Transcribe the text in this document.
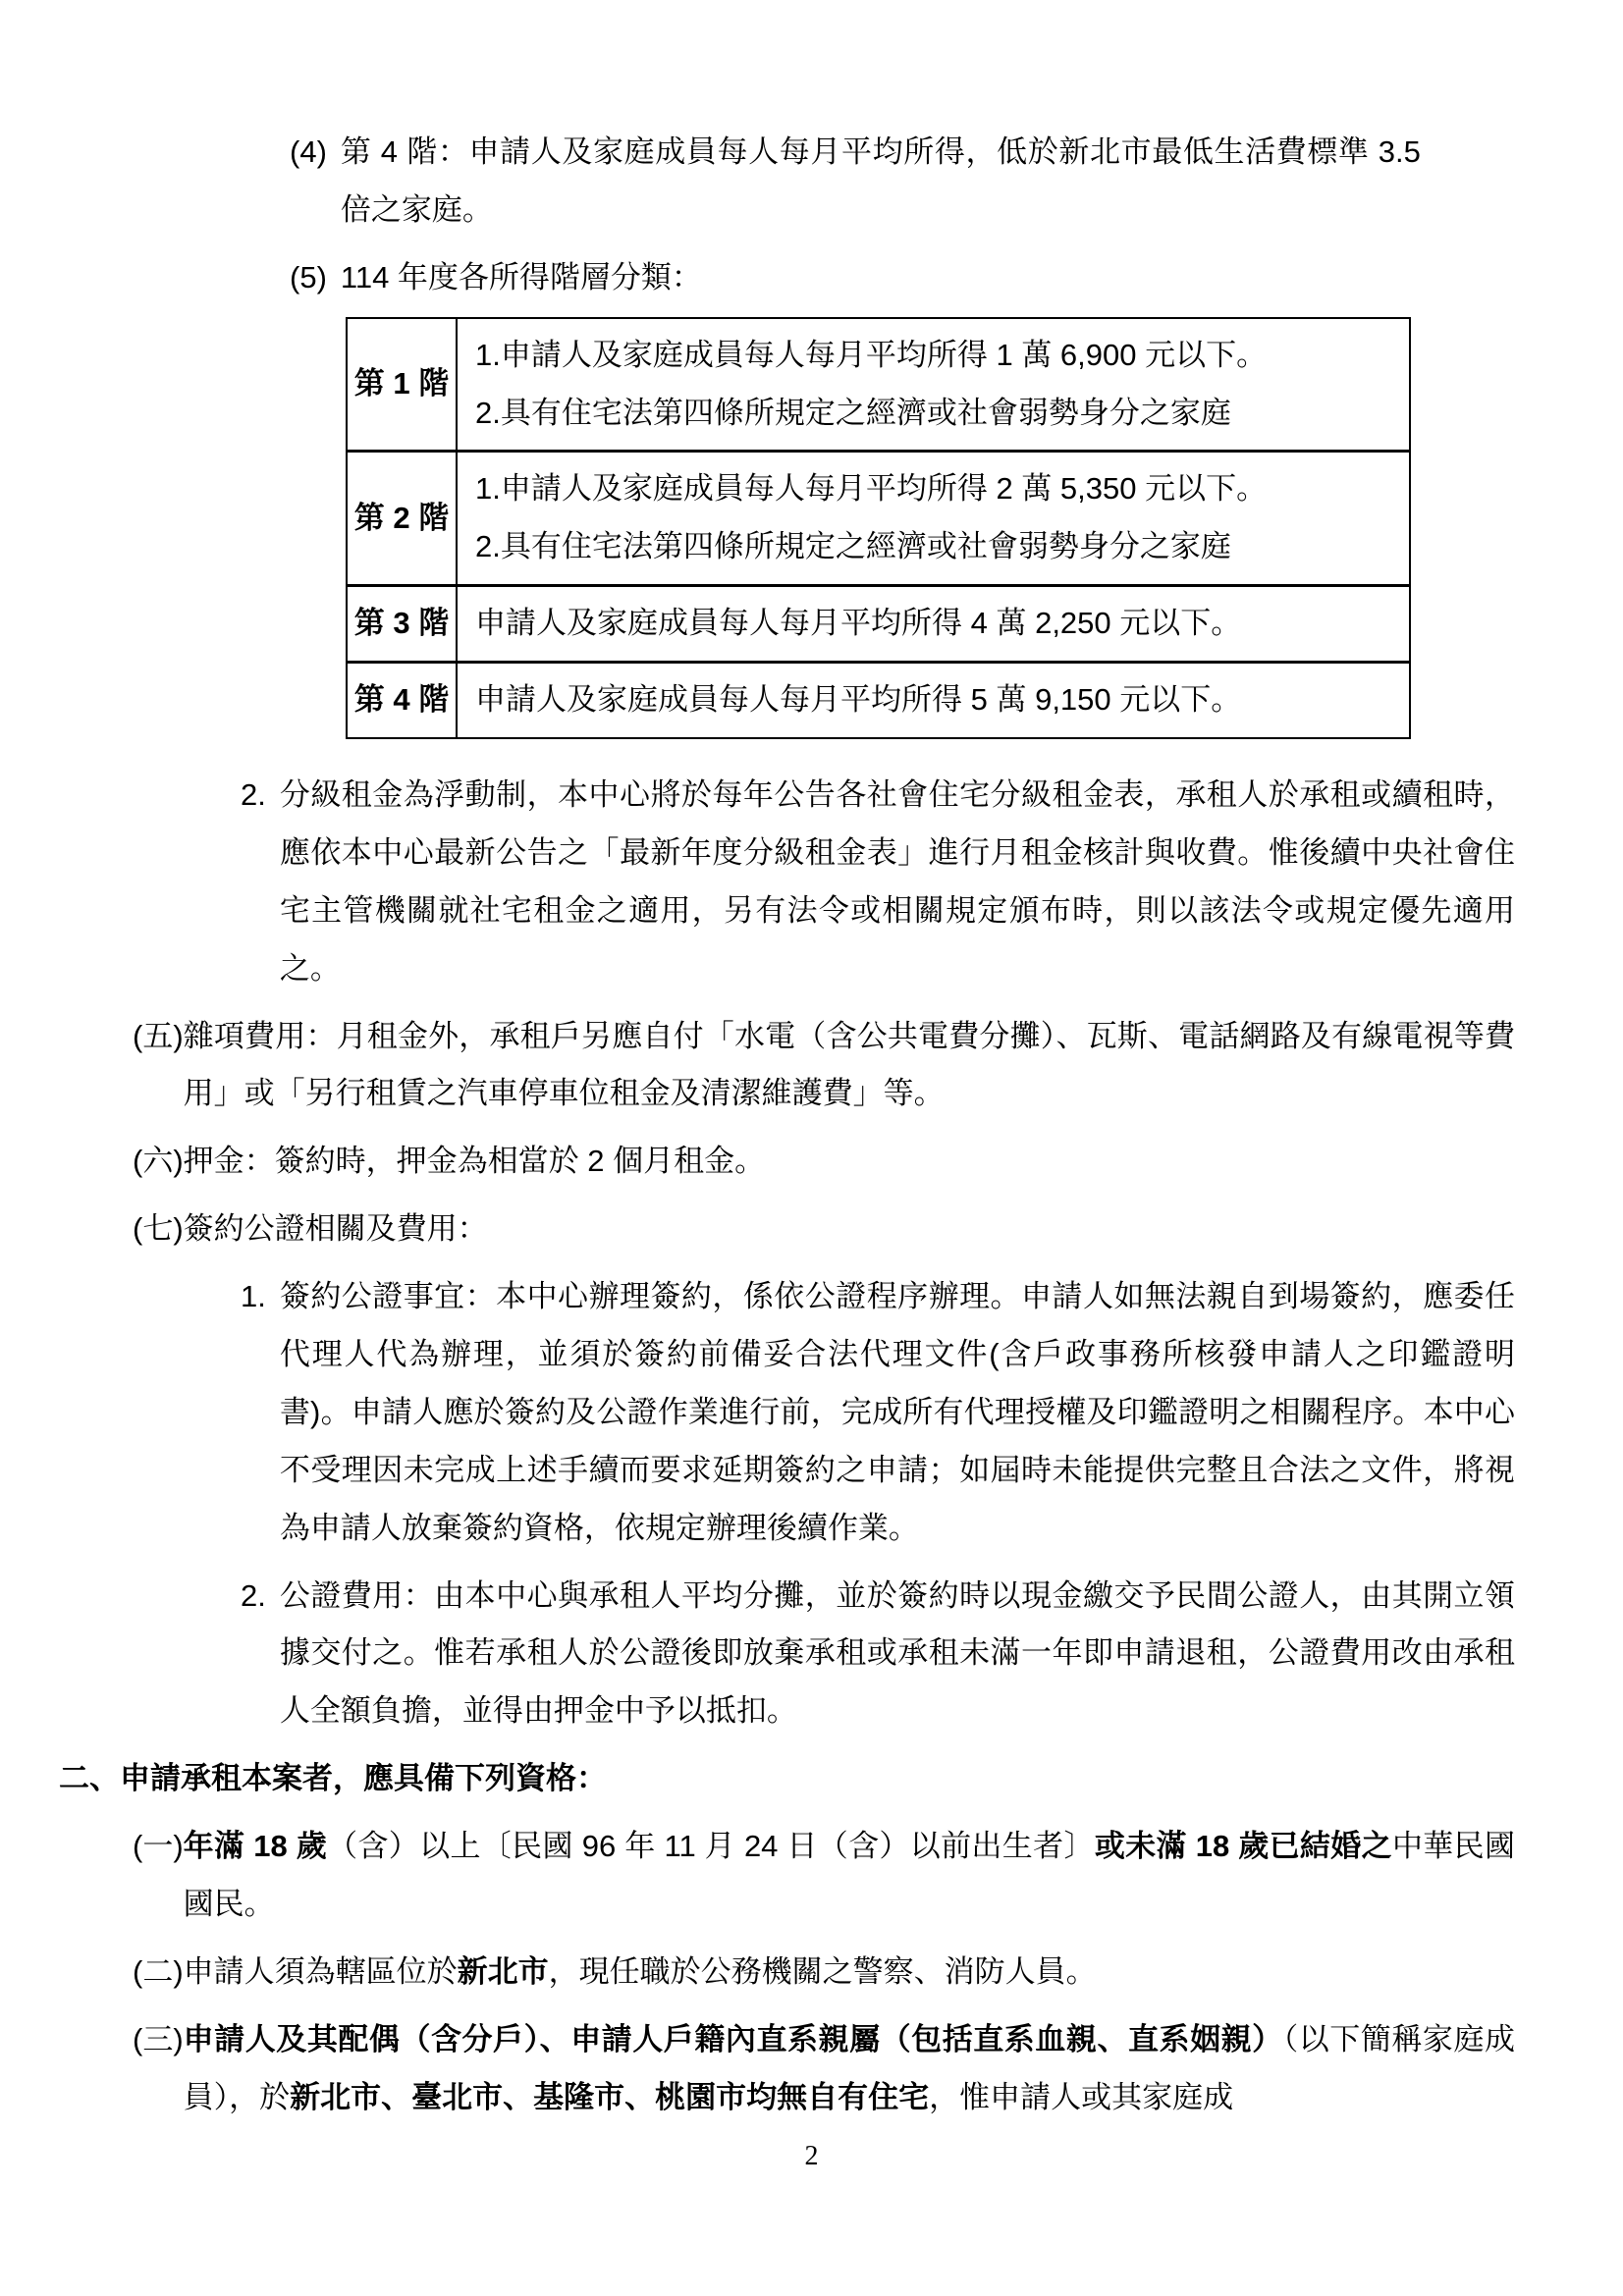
(4) 第 4 階：申請人及家庭成員每人每月平均所得，低於新北市最低生活費標準 3.5 倍之家庭。
(5) 114 年度各所得階層分類：
第 1 階
1.申請人及家庭成員每人每月平均所得 1 萬 6,900 元以下。
2.具有住宅法第四條所規定之經濟或社會弱勢身分之家庭
第 2 階
1.申請人及家庭成員每人每月平均所得 2 萬 5,350 元以下。
2.具有住宅法第四條所規定之經濟或社會弱勢身分之家庭
第 3 階 申請人及家庭成員每人每月平均所得 4 萬 2,250 元以下。
第 4 階 申請人及家庭成員每人每月平均所得 5 萬 9,150 元以下。
2. 分級租金為浮動制，本中心將於每年公告各社會住宅分級租金表，承租人於承租或續租時，應依本中心最新公告之「最新年度分級租金表」進行月租金核計與收費。惟後續中央社會住宅主管機關就社宅租金之適用，另有法令或相關規定頒布時，則以該法令或規定優先適用之。
(五) 雜項費用：月租金外，承租戶另應自付「水電（含公共電費分攤）、瓦斯、電話網路及有線電視等費用」或「另行租賃之汽車停車位租金及清潔維護費」等。
(六) 押金：簽約時，押金為相當於 2 個月租金。
(七) 簽約公證相關及費用：
1. 簽約公證事宜：本中心辦理簽約，係依公證程序辦理。申請人如無法親自到場簽約，應委任代理人代為辦理，並須於簽約前備妥合法代理文件(含戶政事務所核發申請人之印鑑證明書)。申請人應於簽約及公證作業進行前，完成所有代理授權及印鑑證明之相關程序。本中心不受理因未完成上述手續而要求延期簽約之申請；如屆時未能提供完整且合法之文件，將視為申請人放棄簽約資格，依規定辦理後續作業。
2. 公證費用：由本中心與承租人平均分攤，並於簽約時以現金繳交予民間公證人，由其開立領據交付之。惟若承租人於公證後即放棄承租或承租未滿一年即申請退租，公證費用改由承租人全額負擔，並得由押金中予以抵扣。
二、 申請承租本案者，應具備下列資格：
(一) 年滿 18 歲（含）以上〔民國 96 年 11 月 24 日（含）以前出生者〕或未滿 18 歲已結婚之中華民國國民。
(二) 申請人須為轄區位於新北市，現任職於公務機關之警察、消防人員。
(三) 申請人及其配偶（含分戶）、申請人戶籍內直系親屬（包括直系血親、直系姻親）（以下簡稱家庭成員），於新北市、臺北市、基隆市、桃園市均無自有住宅，惟申請人或其家庭成
2
